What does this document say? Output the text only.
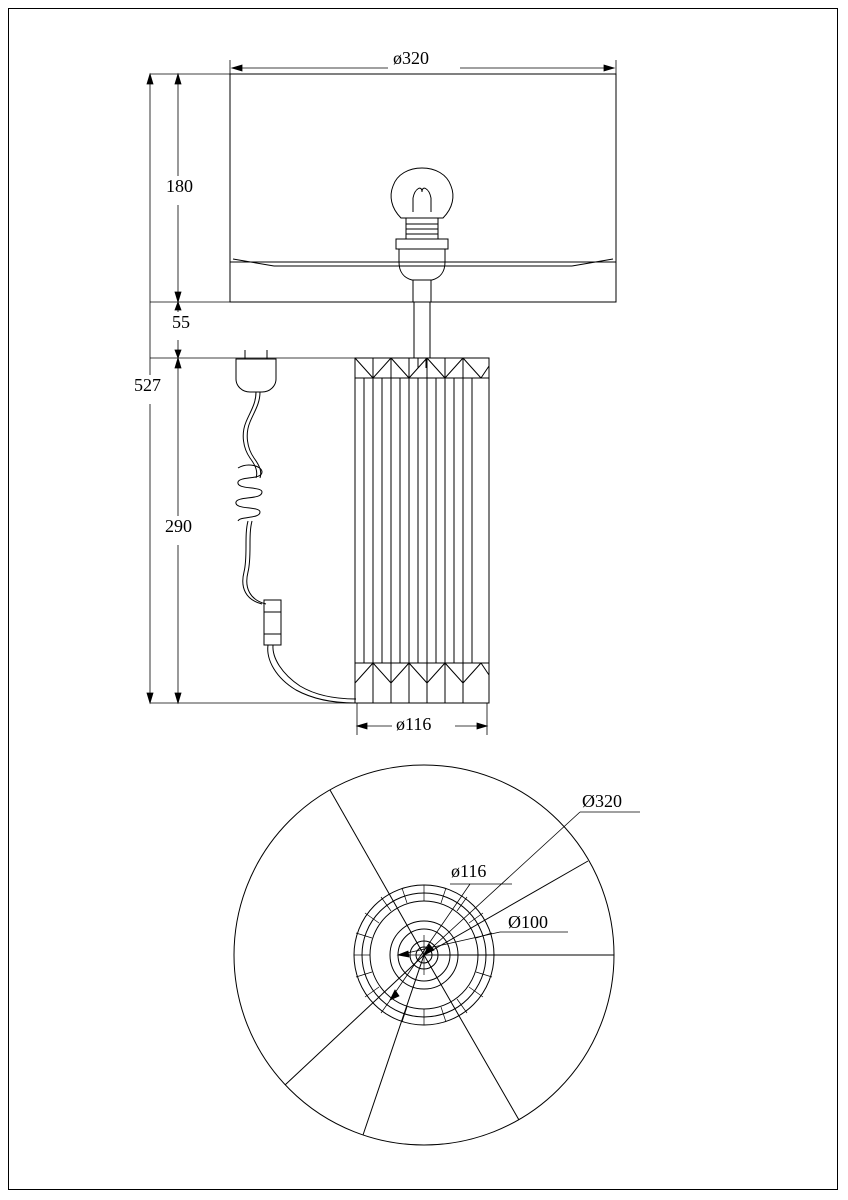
ø320
180
55
527
290
ø116
Ø320
ø116
Ø100
